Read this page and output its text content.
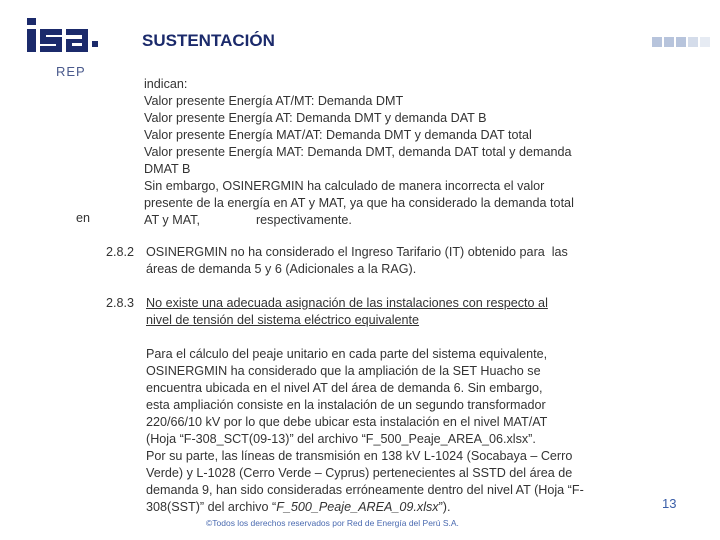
REP
SUSTENTACIÓN
en
indican:
Valor presente Energía AT/MT: Demanda DMT
Valor presente Energía AT: Demanda DMT y demanda DAT B
Valor presente Energía MAT/AT: Demanda DMT y demanda DAT total
Valor presente Energía MAT: Demanda DMT, demanda DAT total y demanda
DMAT B
Sin embargo, OSINERGMIN ha calculado de manera incorrecta el valor
presente de la energía en AT y MAT, ya que ha considerado la demanda total
AT y MAT,                respectivamente.
2.8.2 OSINERGMIN no ha considerado el Ingreso Tarifario (IT) obtenido para  las
áreas de demanda 5 y 6 (Adicionales a la RAG).
2.8.3 No existe una adecuada asignación de las instalaciones con respecto al
nivel de tensión del sistema eléctrico equivalente
Para el cálculo del peaje unitario en cada parte del sistema equivalente,
OSINERGMIN ha considerado que la ampliación de la SET Huacho se
encuentra ubicada en el nivel AT del área de demanda 6. Sin embargo,
esta ampliación consiste en la instalación de un segundo transformador
220/66/10 kV por lo que debe ubicar esta instalación en el nivel MAT/AT
(Hoja “F-308_SCT(09-13)” del archivo “F_500_Peaje_AREA_06.xlsx”.
Por su parte, las líneas de transmisión en 138 kV L-1024 (Socabaya – Cerro
Verde) y L-1028 (Cerro Verde – Cyprus) pertenecientes al SSTD del área de
demanda 9, han sido consideradas erróneamente dentro del nivel AT (Hoja “F-
308(SST)” del archivo “F_500_Peaje_AREA_09.xlsx”).	13
©Todos los derechos reservados por Red de Energía del Perú S.A.
